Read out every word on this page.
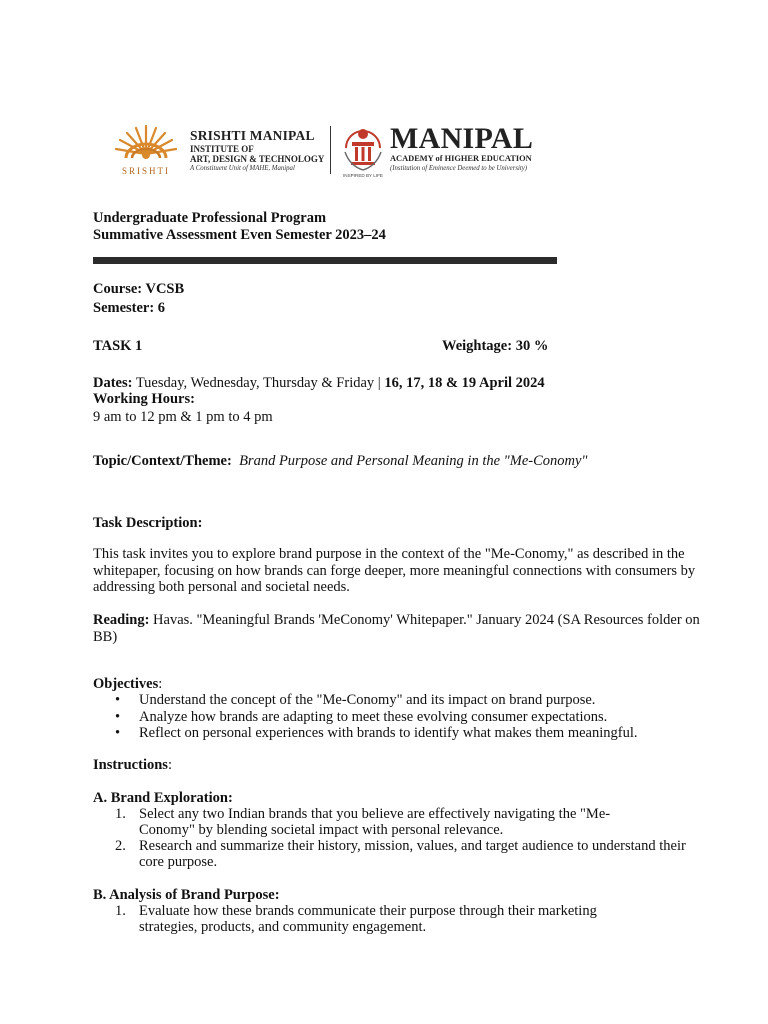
SRISHTI
SRISHTI MANIPAL
INSTITUTE OF
ART, DESIGN & TECHNOLOGY
A Constituent Unit of MAHE, Manipal
INSPIRED BY LIFE
MANIPAL
ACADEMY of HIGHER EDUCATION
(Institution of Eminence Deemed to be University)
Undergraduate Professional Program
Summative Assessment Even Semester 2023–24
Course: VCSB
Semester: 6
TASK 1	Weightage: 30 %
Dates: Tuesday, Wednesday, Thursday & Friday | 16, 17, 18 & 19 April 2024
Working Hours:
9 am to 12 pm & 1 pm to 4 pm
Topic/Context/Theme: Brand Purpose and Personal Meaning in the "Me-Conomy"
Task Description:
This task invites you to explore brand purpose in the context of the "Me-Conomy," as described in the whitepaper, focusing on how brands can forge deeper, more meaningful connections with consumers by addressing both personal and societal needs.
Reading: Havas. "Meaningful Brands 'MeConomy' Whitepaper." January 2024 (SA Resources folder on BB)
Objectives:
• Understand the concept of the "Me-Conomy" and its impact on brand purpose.
• Analyze how brands are adapting to meet these evolving consumer expectations.
• Reflect on personal experiences with brands to identify what makes them meaningful.
Instructions:
A. Brand Exploration:
1. Select any two Indian brands that you believe are effectively navigating the "Me-Conomy" by blending societal impact with personal relevance.
2. Research and summarize their history, mission, values, and target audience to understand their core purpose.
B. Analysis of Brand Purpose:
1. Evaluate how these brands communicate their purpose through their marketing strategies, products, and community engagement.
